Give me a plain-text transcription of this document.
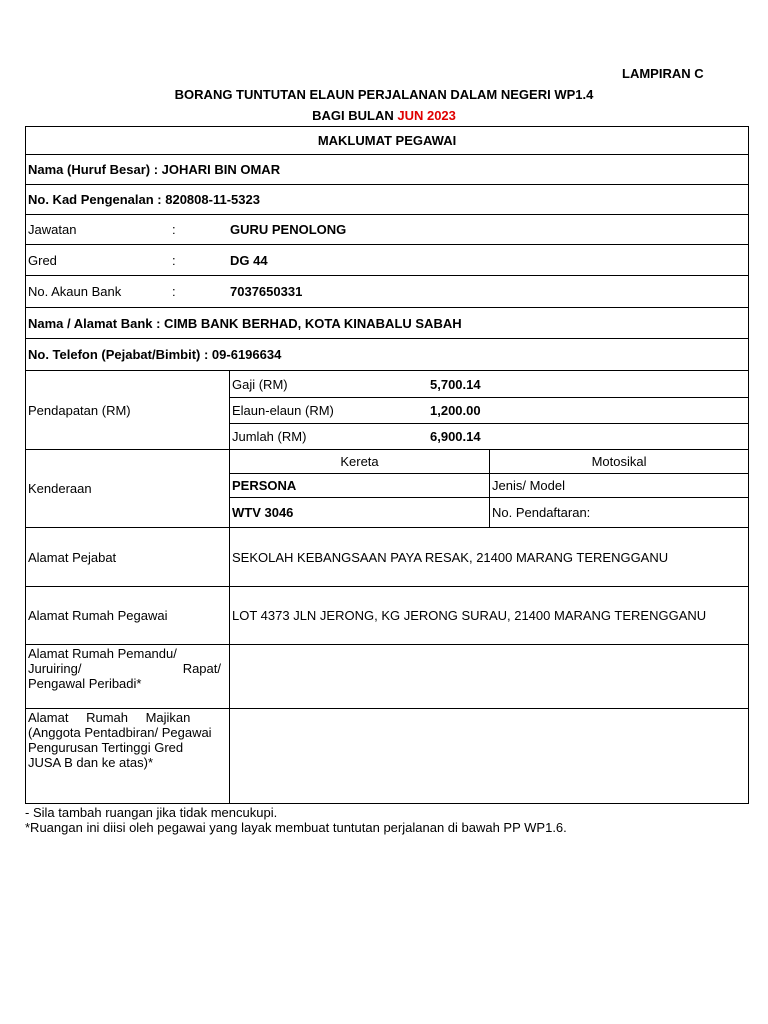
LAMPIRAN C
BORANG TUNTUTAN ELAUN PERJALANAN DALAM NEGERI WP1.4
BAGI BULAN JUN 2023
MAKLUMAT PEGAWAI		
Nama (Huruf Besar) : JOHARI BIN OMAR		
No. Kad Pengenalan : 820808-11-5323		
Jawatan : GURU PENOLONG		
Gred : DG 44		
No. Akaun Bank : 7037650331		
Nama / Alamat Bank : CIMB BANK BERHAD, KOTA KINABALU SABAH		
No. Telefon (Pejabat/Bimbit) : 09-6196634		
Pendapatan (RM)	Gaji (RM) 5,700.14	

	Elaun-elaun (RM) 1,200.00	

	Jumlah (RM) 6,900.14	

Kenderaan	Kereta	Motosikal
	PERSONA	Jenis/ Model
	WTV 3046	No. Pendaftaran:
Alamat Pejabat	SEKOLAH KEBANGSAAN PAYA RESAK, 21400 MARANG TERENGGANU	
Alamat Rumah Pegawai	LOT 4373 JLN JERONG, KG JERONG SURAU, 21400 MARANG TERENGGANU	

Alamat Rumah Pemandu/
Juruiring/ Rapat/
Pengawal Peribadi*		

Alamat Rumah Majikan
(Anggota Pentadbiran/ Pegawai
Pengurusan Tertinggi Gred
JUSA B dan ke atas)*		

- Sila tambah ruangan jika tidak mencukupi.
*Ruangan ini diisi oleh pegawai yang layak membuat tuntutan perjalanan di bawah PP WP1.6.
